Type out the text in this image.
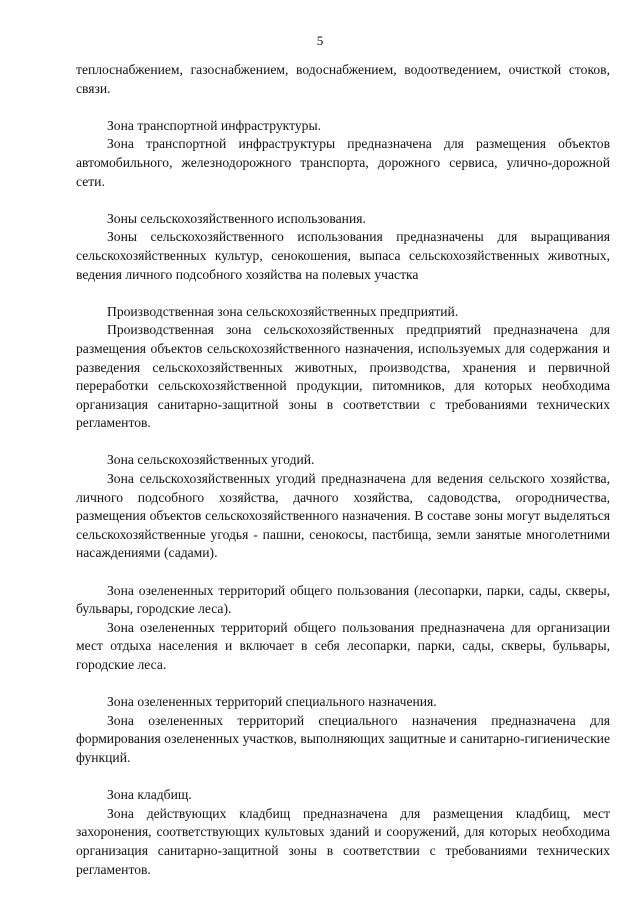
5

теплоснабжением, газоснабжением, водоснабжением, водоотведением, очисткой стоков, связи.

Зона транспортной инфраструктуры.

Зона транспортной инфраструктуры предназначена для размещения объектов автомобильного, железнодорожного транспорта, дорожного сервиса, улично-дорожной сети.

Зоны сельскохозяйственного использования.

Зоны сельскохозяйственного использования предназначены для выращивания сельскохозяйственных культур, сенокошения, выпаса сельскохозяйственных животных, ведения личного подсобного хозяйства на полевых участка

Производственная зона сельскохозяйственных предприятий.

Производственная зона сельскохозяйственных предприятий предназначена для размещения объектов сельскохозяйственного назначения, используемых для содержания и разведения сельскохозяйственных животных, производства, хранения и первичной переработки сельскохозяйственной продукции, питомников, для которых необходима организация санитарно-защитной зоны в соответствии с требованиями технических регламентов.

Зона сельскохозяйственных угодий.

Зона сельскохозяйственных угодий предназначена для ведения сельского хозяйства, личного подсобного хозяйства, дачного хозяйства, садоводства, огородничества, размещения объектов сельскохозяйственного назначения. В составе зоны могут выделяться сельскохозяйственные угодья - пашни, сенокосы, пастбища, земли занятые многолетними насаждениями (садами).

Зона озелененных территорий общего пользования (лесопарки, парки, сады, скверы, бульвары, городские леса).

Зона озелененных территорий общего пользования предназначена для организации мест отдыха населения и включает в себя лесопарки, парки, сады, скверы, бульвары, городские леса.

Зона озелененных территорий специального назначения.

Зона озелененных территорий специального назначения предназначена для формирования озелененных участков, выполняющих защитные и санитарно-гигиенические функций.

Зона кладбищ.

Зона действующих кладбищ предназначена для размещения кладбищ, мест захоронения, соответствующих культовых зданий и сооружений, для которых необходима организация санитарно-защитной зоны в соответствии с требованиями технических регламентов.
